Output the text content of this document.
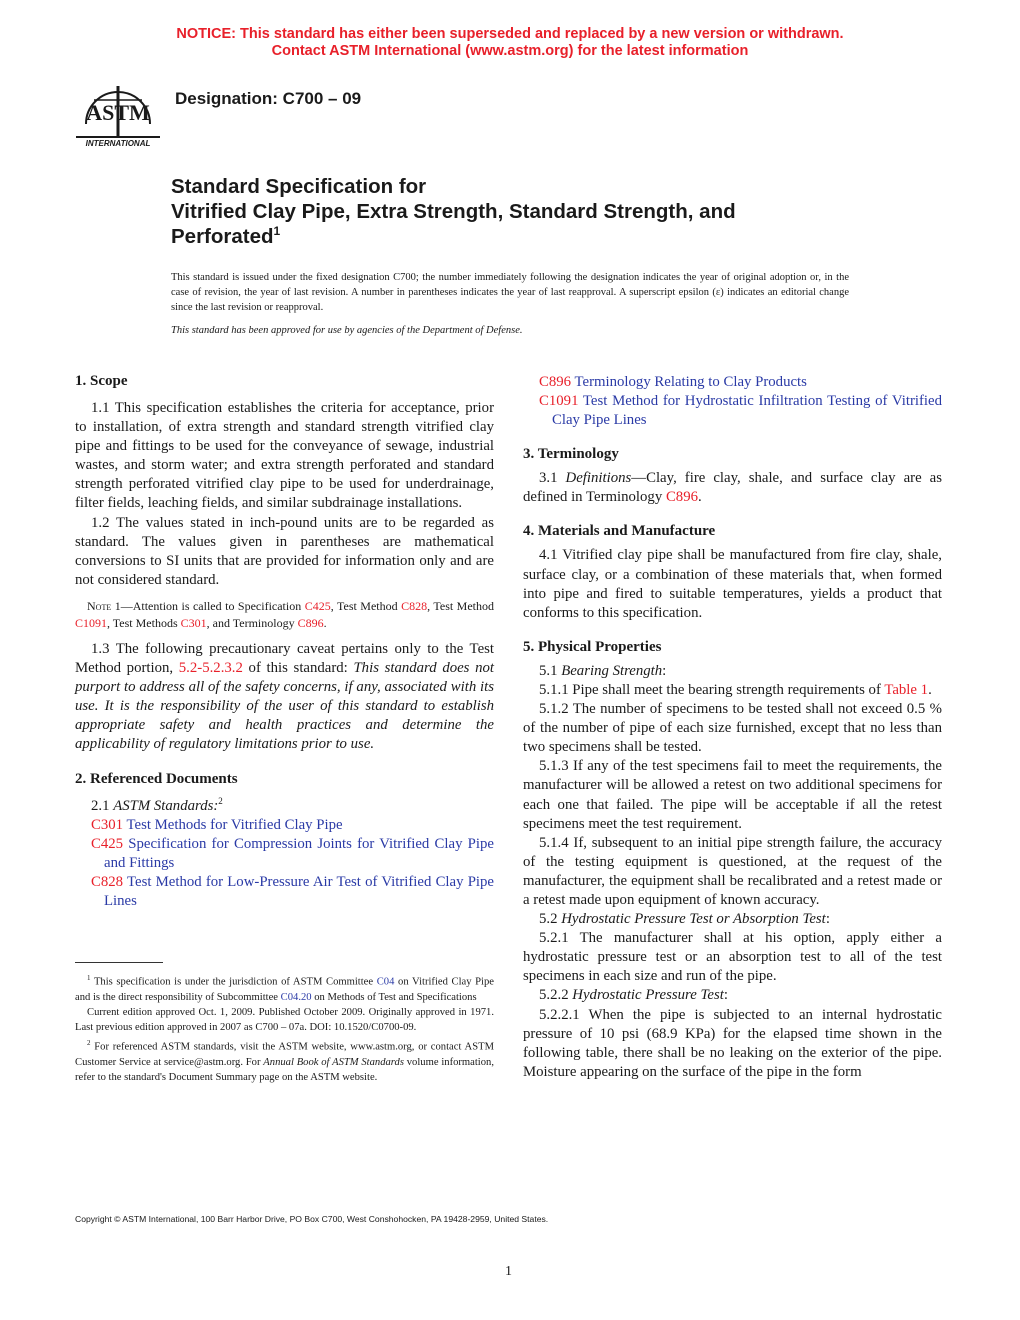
NOTICE: This standard has either been superseded and replaced by a new version or withdrawn.
Contact ASTM International (www.astm.org) for the latest information
ASTM
INTERNATIONAL
Designation: C700 – 09
Standard Specification for
Vitrified Clay Pipe, Extra Strength, Standard Strength, and
Perforated$^1$
This standard is issued under the fixed designation C700; the number immediately following the designation indicates the year of original adoption or, in the case of revision, the year of last revision. A number in parentheses indicates the year of last reapproval. A superscript epsilon (ε) indicates an editorial change since the last revision or reapproval.
This standard has been approved for use by agencies of the Department of Defense.
1. Scope

1.1 This specification establishes the criteria for acceptance, prior to installation, of extra strength and standard strength vitrified clay pipe and fittings to be used for the conveyance of sewage, industrial wastes, and storm water; and extra strength perforated and standard strength perforated vitrified clay pipe to be used for underdrainage, filter fields, leaching fields, and similar subdrainage installations.

1.2 The values stated in inch-pound units are to be regarded as standard. The values given in parentheses are mathematical conversions to SI units that are provided for information only and are not considered standard.

Note 1—Attention is called to Specification C425, Test Method C828, Test Method C1091, Test Methods C301, and Terminology C896.

1.3 The following precautionary caveat pertains only to the Test Method portion, 5.2-5.2.3.2 of this standard: This standard does not purport to address all of the safety concerns, if any, associated with its use. It is the responsibility of the user of this standard to establish appropriate safety and health practices and determine the applicability of regulatory limitations prior to use.

2. Referenced Documents

2.1 ASTM Standards:$^2$

C301 Test Methods for Vitrified Clay Pipe

C425 Specification for Compression Joints for Vitrified Clay Pipe and Fittings

C828 Test Method for Low-Pressure Air Test of Vitrified Clay Pipe Lines

$^1$ This specification is under the jurisdiction of ASTM Committee C04 on Vitrified Clay Pipe and is the direct responsibility of Subcommittee C04.20 on Methods of Test and Specifications

Current edition approved Oct. 1, 2009. Published October 2009. Originally approved in 1971. Last previous edition approved in 2007 as C700 – 07a. DOI: 10.1520/C0700-09.

$^2$ For referenced ASTM standards, visit the ASTM website, www.astm.org, or contact ASTM Customer Service at service@astm.org. For Annual Book of ASTM Standards volume information, refer to the standard's Document Summary page on the ASTM website.

C896 Terminology Relating to Clay Products

C1091 Test Method for Hydrostatic Infiltration Testing of Vitrified Clay Pipe Lines

3. Terminology

3.1 Definitions—Clay, fire clay, shale, and surface clay are as defined in Terminology C896.

4. Materials and Manufacture

4.1 Vitrified clay pipe shall be manufactured from fire clay, shale, surface clay, or a combination of these materials that, when formed into pipe and fired to suitable temperatures, yields a product that conforms to this specification.

5. Physical Properties

5.1 Bearing Strength:

5.1.1 Pipe shall meet the bearing strength requirements of Table 1.

5.1.2 The number of specimens to be tested shall not exceed 0.5 % of the number of pipe of each size furnished, except that no less than two specimens shall be tested.

5.1.3 If any of the test specimens fail to meet the requirements, the manufacturer will be allowed a retest on two additional specimens for each one that failed. The pipe will be acceptable if all the retest specimens meet the test requirement.

5.1.4 If, subsequent to an initial pipe strength failure, the accuracy of the testing equipment is questioned, at the request of the manufacturer, the equipment shall be recalibrated and a retest made or a retest made upon equipment of known accuracy.

5.2 Hydrostatic Pressure Test or Absorption Test:

5.2.1 The manufacturer shall at his option, apply either a hydrostatic pressure test or an absorption test to all of the test specimens in each size and run of the pipe.

5.2.2 Hydrostatic Pressure Test:

5.2.2.1 When the pipe is subjected to an internal hydrostatic pressure of 10 psi (68.9 KPa) for the elapsed time shown in the following table, there shall be no leaking on the exterior of the pipe. Moisture appearing on the surface of the pipe in the form

Copyright © ASTM International, 100 Barr Harbor Drive, PO Box C700, West Conshohocken, PA 19428-2959, United States.
1
